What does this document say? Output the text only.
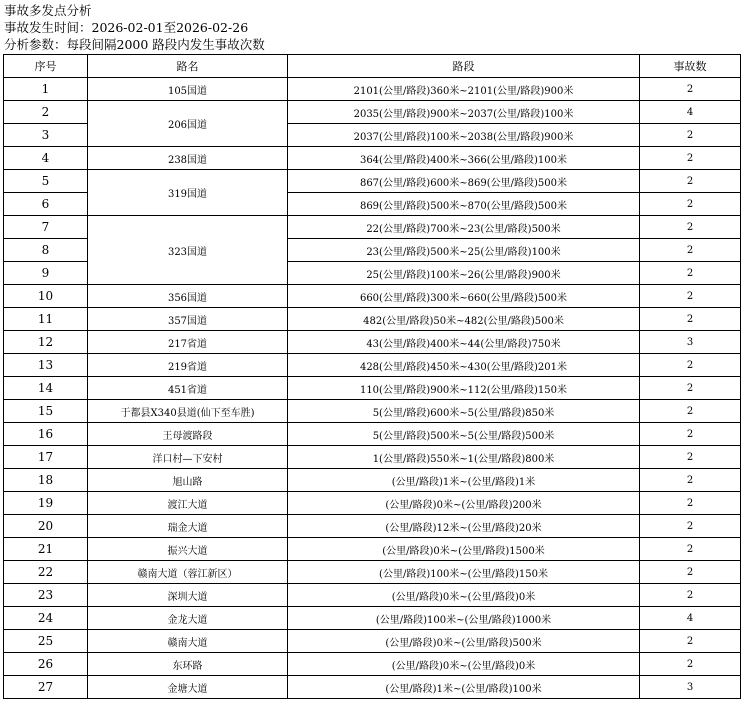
事故多发点分析
事故发生时间：2026-02-01至2026-02-26
分析参数：每段间隔2000 路段内发生事故次数
序号	路名	路段	事故数
1	105国道	2101(公里/路段)360米~2101(公里/路段)900米	2
2	206国道	2035(公里/路段)900米~2037(公里/路段)100米	4
3		2037(公里/路段)100米~2038(公里/路段)900米	2
4	238国道	364(公里/路段)400米~366(公里/路段)100米	2
5	319国道	867(公里/路段)600米~869(公里/路段)500米	2
6		869(公里/路段)500米~870(公里/路段)500米	2
7	323国道	22(公里/路段)700米~23(公里/路段)500米	2
8		23(公里/路段)500米~25(公里/路段)100米	2
9		25(公里/路段)100米~26(公里/路段)900米	2
10	356国道	660(公里/路段)300米~660(公里/路段)500米	2
11	357国道	482(公里/路段)50米~482(公里/路段)500米	2
12	217省道	43(公里/路段)400米~44(公里/路段)750米	3
13	219省道	428(公里/路段)450米~430(公里/路段)201米	2
14	451省道	110(公里/路段)900米~112(公里/路段)150米	2
15	于都县X340县道(仙下至车胜)	5(公里/路段)600米~5(公里/路段)850米	2
16	王母渡路段	5(公里/路段)500米~5(公里/路段)500米	2
17	洋口村—下安村	1(公里/路段)550米~1(公里/路段)800米	2
18	旭山路	(公里/路段)1米~(公里/路段)1米	2
19	渡江大道	(公里/路段)0米~(公里/路段)200米	2
20	瑞金大道	(公里/路段)12米~(公里/路段)20米	2
21	振兴大道	(公里/路段)0米~(公里/路段)1500米	2
22	赣南大道（蓉江新区）	(公里/路段)100米~(公里/路段)150米	2
23	深圳大道	(公里/路段)0米~(公里/路段)0米	2
24	金龙大道	(公里/路段)100米~(公里/路段)1000米	4
25	赣南大道	(公里/路段)0米~(公里/路段)500米	2
26	东环路	(公里/路段)0米~(公里/路段)0米	2
27	金塘大道	(公里/路段)1米~(公里/路段)100米	3
